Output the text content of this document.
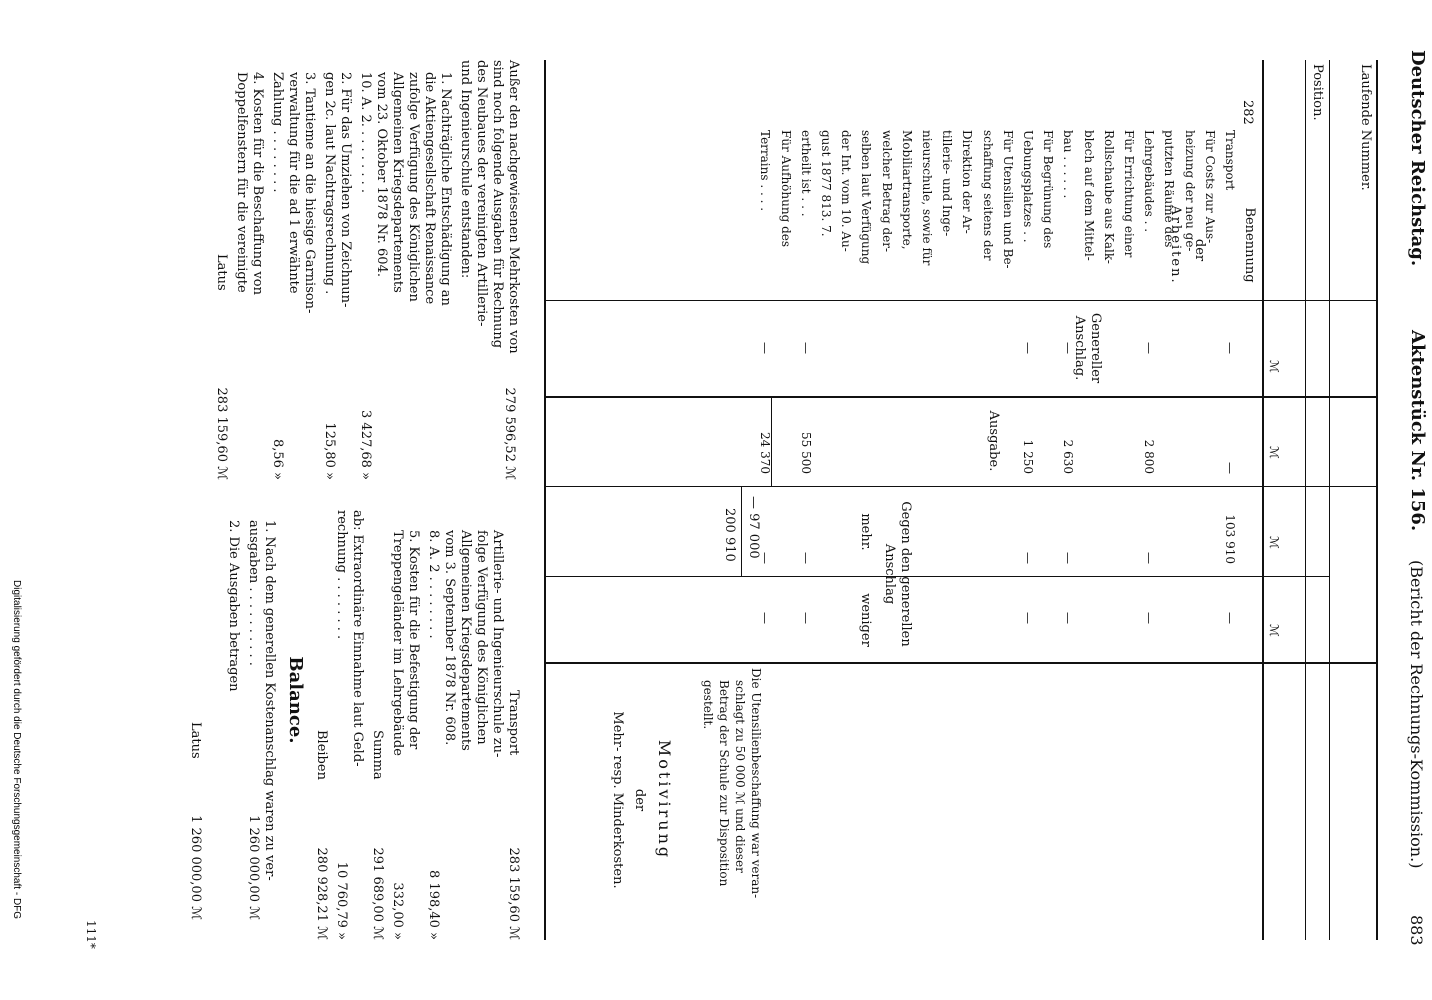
Deutscher Reichstag.
Aktenstück Nr. 156.
(Bericht der Rechnungs-Kommission.)
883
Laufende Nummer.
Position.
Benennung
der
Arbeiten.
Genereller
Anschlag.
Ausgabe.
Gegen den generellen
Anschlag
mehr.
weniger
Motivirung
der
Mehr- resp. Minderkosten.
ℳ
ℳ
ℳ
ℳ
282
Transport
—
—
103 910
—
Für Costs zur Aus-
heizung der neu ge-
putzten Räume des
Lehrgebäudes . .
—
2 800
—
—
Für Errichtung einer
Rollschaube aus Kalk-
blech auf dem Mittel-
bau . . . . . .
—
2 630
—
—
Für Begrünung des
Uebungsplatzes . .
—
1 250
—
—
Für Utensilien und Be-
schaffung seitens der
Direktion der Ar-
tillerie- und Inge-
nieurschule, sowie für
Mobiliartransporte,
welcher Betrag der-
selben laut Verfügung
der Int. vom 10. Au-
gust 1877 813. 7.
ertheilt ist . . .
—
55 500
—
—
Für Aufhöhung des
Terrains . . . .
—
24 370
—
—
— 97 000
200 910
Die Utensilienbeschaffung war veran-
schlagt zu 50 000 ℳ und dieser
Betrag der Schule zur Disposition
gestellt.
Außer den nachgewiesenen Mehrkosten von
sind noch folgende Ausgaben für Rechnung
des Neubaues der vereinigten Artillerie-
und Ingenieurschule entstanden:
279 596,52 ℳ
1. Nachträgliche Entschädigung an
die Aktiengesellschaft Renaissance
zufolge Verfügung des Königlichen
Allgemeinen Kriegsdepartements
vom 23. Oktober 1878 Nr. 604.
10. A. 2. . . . . . . . .
3 427,68 »
2. Für das Umziehen von Zeichnun-
gen 2c. laut Nachtragsrechnung .
125,80 »
3. Tantieme an die hiesige Garnison-
verwaltung für die ad 1 erwähnte
Zahlung . . . . . . . .
8,56 »
4. Kosten für die Beschaffung von
Doppelfenstern für die vereinigte
Latus
283 159,60 ℳ
Transport
283 159,60 ℳ
Artillerie- und Ingenieurschule zu-
folge Verfügung des Königlichen
Allgemeinen Kriegsdepartements
vom 3. September 1878 Nr. 608.
8. A. 2 . . . . . . . .
8 198,40 »
5. Kosten für die Befestigung der
Treppengeländer im Lehrgebäude
332,00 »
Summa
291 689,00 ℳ
ab: Extraordinäre Einnahme laut Geld-
rechnung . . . . . . . .
10 760,79 »
Bleiben
280 928,21 ℳ
Balance.
1. Nach dem generellen Kostenanschlag waren zu ver-
ausgaben . . . . . . . . . .
1 260 000,00 ℳ
2. Die Ausgaben betragen
Latus
1 260 000,00 ℳ
111*
Digitalisierung gefördert durch die Deutsche Forschungsgemeinschaft - DFG
